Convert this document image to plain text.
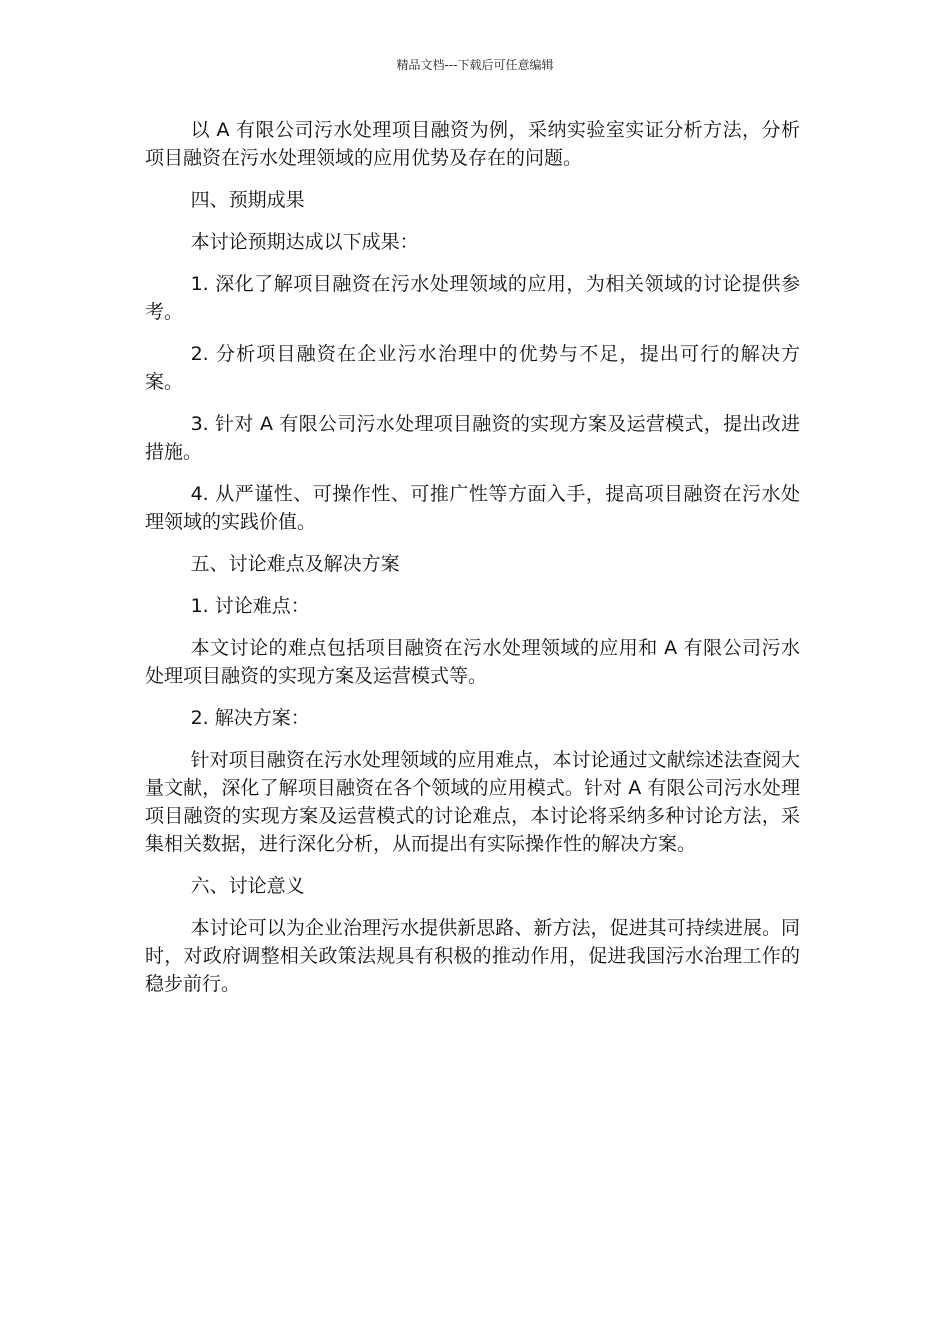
精品文档---下载后可任意编辑

以 A 有限公司污水处理项目融资为例，采纳实验室实证分析方法，分析项目融资在污水处理领域的应用优势及存在的问题。

四、预期成果

本讨论预期达成以下成果：

1. 深化了解项目融资在污水处理领域的应用，为相关领域的讨论提供参考。

2. 分析项目融资在企业污水治理中的优势与不足，提出可行的解决方案。

3. 针对 A 有限公司污水处理项目融资的实现方案及运营模式，提出改进措施。

4. 从严谨性、可操作性、可推广性等方面入手，提高项目融资在污水处理领域的实践价值。

五、讨论难点及解决方案

1. 讨论难点：

本文讨论的难点包括项目融资在污水处理领域的应用和 A 有限公司污水处理项目融资的实现方案及运营模式等。

2. 解决方案：

针对项目融资在污水处理领域的应用难点，本讨论通过文献综述法查阅大量文献，深化了解项目融资在各个领域的应用模式。针对 A 有限公司污水处理项目融资的实现方案及运营模式的讨论难点，本讨论将采纳多种讨论方法，采集相关数据，进行深化分析，从而提出有实际操作性的解决方案。

六、讨论意义

本讨论可以为企业治理污水提供新思路、新方法，促进其可持续进展。同时，对政府调整相关政策法规具有积极的推动作用，促进我国污水治理工作的稳步前行。
